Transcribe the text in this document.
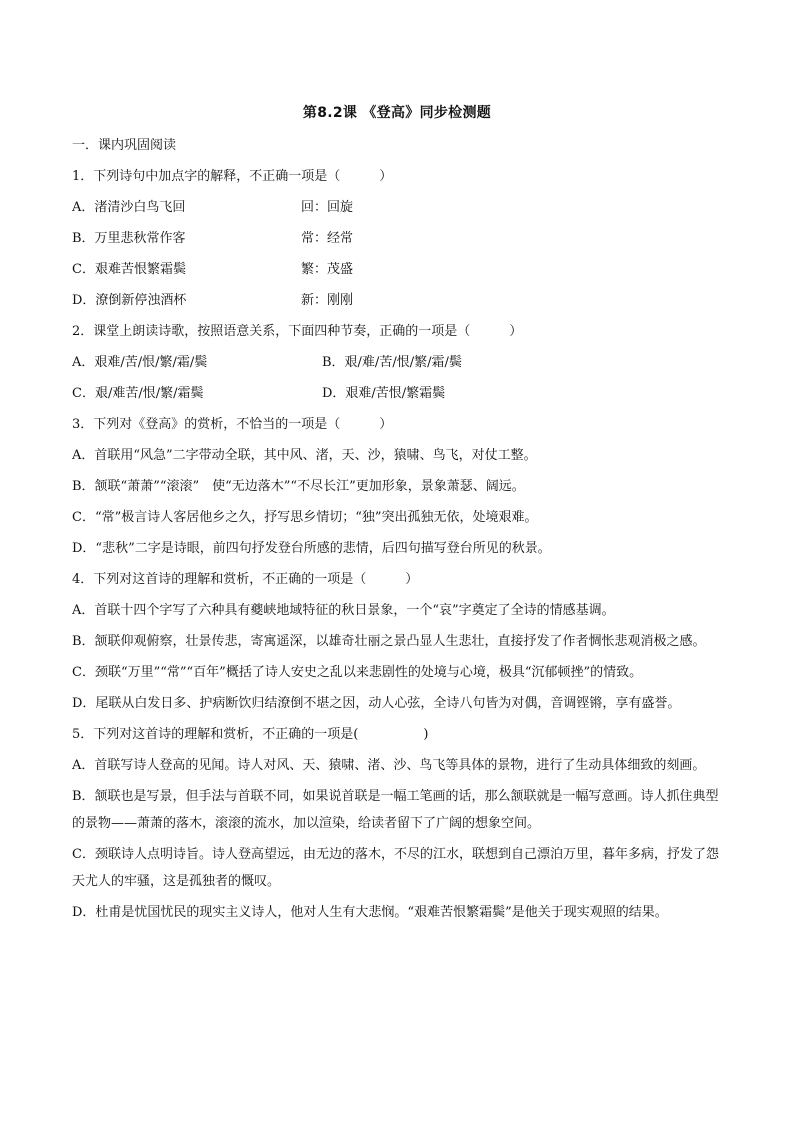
第8.2课 《登高》同步检测题
一．课内巩固阅读
1．下列诗句中加点字的解释，不正确一项是（　　　）
A．渚清沙白鸟飞回	回：回旋
B．万里悲秋常作客	常：经常
C．艰难苦恨繁霜鬓	繁：茂盛
D．潦倒新停浊酒杯	新：刚刚
2．课堂上朗读诗歌，按照语意关系，下面四种节奏，正确的一项是（　　　）
A．艰难/苦/恨/繁/霜/鬓	B．艰/难/苦/恨/繁/霜/鬓
C．艰/难苦/恨/繁/霜鬓	D．艰难/苦恨/繁霜鬓
3．下列对《登高》的赏析，不恰当的一项是（　　　）
A．首联用“风急”二字带动全联，其中风、渚，天、沙，猿啸、鸟飞，对仗工整。
B．颔联“萧萧”“滚滚”　使“无边落木”“不尽长江”更加形象，景象萧瑟、阔远。
C．“常”极言诗人客居他乡之久，抒写思乡情切；“独”突出孤独无依，处境艰难。
D．“悲秋”二字是诗眼，前四句抒发登台所感的悲情，后四句描写登台所见的秋景。
4．下列对这首诗的理解和赏析，不正确的一项是（　　　）
A．首联十四个字写了六种具有夔峡地域特征的秋日景象，一个“哀”字奠定了全诗的情感基调。
B．颔联仰观俯察，壮景传悲，寄寓遥深，以雄奇壮丽之景凸显人生悲壮，直接抒发了作者惆怅悲观消极之感。
C．颈联“万里”“常”“百年”概括了诗人安史之乱以来悲剧性的处境与心境，极具“沉郁顿挫”的情致。
D．尾联从白发日多、护病断饮归结潦倒不堪之因，动人心弦，全诗八句皆为对偶，音调铿锵，享有盛誉。
5．下列对这首诗的理解和赏析，不正确的一项是(　　　　　)
A．首联写诗人登高的见闻。诗人对风、天、猿啸、渚、沙、鸟飞等具体的景物，进行了生动具体细致的刻画。
B．颔联也是写景，但手法与首联不同，如果说首联是一幅工笔画的话，那么颔联就是一幅写意画。诗人抓住典型的景物——萧萧的落木，滚滚的流水，加以渲染，给读者留下了广阔的想象空间。
C．颈联诗人点明诗旨。诗人登高望远，由无边的落木，不尽的江水，联想到自己漂泊万里，暮年多病，抒发了怨天尤人的牢骚，这是孤独者的慨叹。
D．杜甫是忧国忧民的现实主义诗人，他对人生有大悲悯。“艰难苦恨繁霜鬓”是他关于现实观照的结果。
